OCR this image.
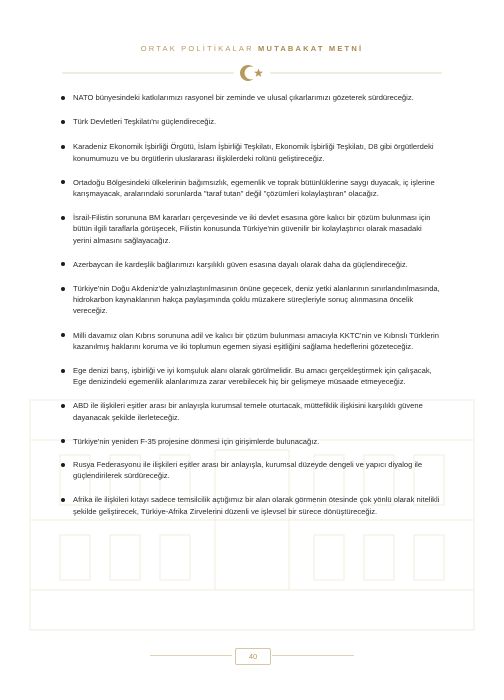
ORTAK POLİTİKALAR MUTABAKAT METNİ
NATO bünyesindeki katkılarımızı rasyonel bir zeminde ve ulusal çıkarlarımızı gözeterek sürdüreceğiz.
Türk Devletleri Teşkilatı'nı güçlendireceğiz.
Karadeniz Ekonomik İşbirliği Örgütü, İslam İşbirliği Teşkilatı, Ekonomik İşbirliği Teşkilatı, D8 gibi örgütlerdeki konumumuzu ve bu örgütlerin uluslararası ilişkilerdeki rolünü geliştireceğiz.
Ortadoğu Bölgesindeki ülkelerinin bağımsızlık, egemenlik ve toprak bütünlüklerine saygı duyacak, iç işlerine karışmayacak, aralarındaki sorunlarda "taraf tutan" değil "çözümleri kolaylaştıran" olacağız.
İsrail-Filistin sorununa BM kararları çerçevesinde ve iki devlet esasına göre kalıcı bir çözüm bulunması için bütün ilgili taraflarla görüşecek, Filistin konusunda Türkiye'nin güvenilir bir kolaylaştırıcı olarak masadaki yerini almasını sağlayacağız.
Azerbaycan ile kardeşlik bağlarımızı karşılıklı güven esasına dayalı olarak daha da güçlendireceğiz.
Türkiye'nin Doğu Akdeniz'de yalnızlaştırılmasının önüne geçecek, deniz yetki alanlarının sınırlandırılmasında, hidrokarbon kaynaklarının hakça paylaşımında çoklu müzakere süreçleriyle sonuç alınmasına öncelik vereceğiz.
Milli davamız olan Kıbrıs sorununa adil ve kalıcı bir çözüm bulunması amacıyla KKTC'nin ve Kıbrıslı Türklerin kazanılmış haklarını koruma ve iki toplumun egemen siyasi eşitliğini sağlama hedeflerini gözeteceğiz.
Ege denizi barış, işbirliği ve iyi komşuluk alanı olarak görülmelidir. Bu amacı gerçekleştirmek için çalışacak, Ege denizindeki egemenlik alanlarımıza zarar verebilecek hiç bir gelişmeye müsaade etmeyeceğiz.
ABD ile ilişkileri eşitler arası bir anlayışla kurumsal temele oturtacak, müttefiklik ilişkisini karşılıklı güvene dayanacak şekilde ilerleteceğiz.
Türkiye'nin yeniden F-35 projesine dönmesi için girişimlerde bulunacağız.
Rusya Federasyonu ile ilişkileri eşitler arası bir anlayışla, kurumsal düzeyde dengeli ve yapıcı diyalog ile güçlendirilerek sürdüreceğiz.
Afrika ile ilişkileri kıtayı sadece temsilcilik açtığımız bir alan olarak görmenin ötesinde çok yönlü olarak nitelikli şekilde geliştirecek, Türkiye-Afrika Zirvelerini düzenli ve işlevsel bir sürece dönüştüreceğiz.
40
